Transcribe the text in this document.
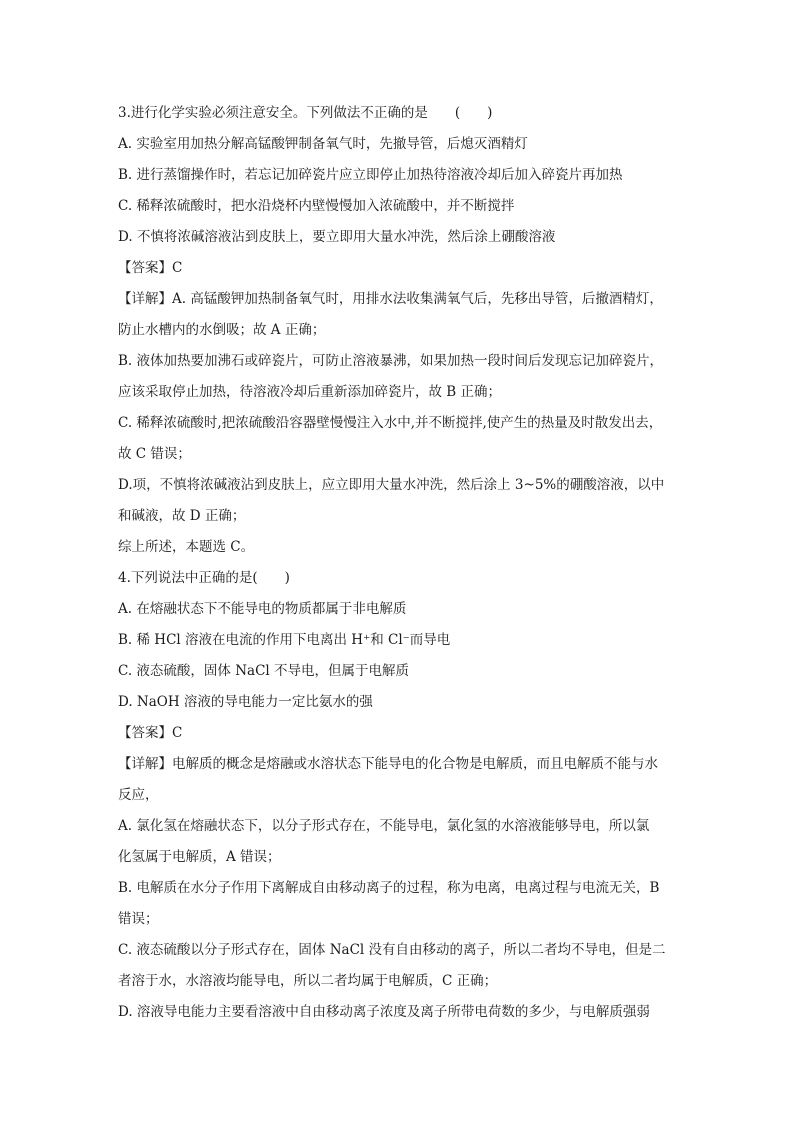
3.进行化学实验必须注意安全。下列做法不正确的是　　(　　)
A. 实验室用加热分解高锰酸钾制备氧气时，先撤导管，后熄灭酒精灯
B. 进行蒸馏操作时，若忘记加碎瓷片应立即停止加热待溶液冷却后加入碎瓷片再加热
C. 稀释浓硫酸时，把水沿烧杯内壁慢慢加入浓硫酸中，并不断搅拌
D. 不慎将浓碱溶液沾到皮肤上，要立即用大量水冲洗，然后涂上硼酸溶液
【答案】C
【详解】A. 高锰酸钾加热制备氧气时，用排水法收集满氧气后，先移出导管，后撤酒精灯，
防止水槽内的水倒吸；故 A 正确；
B. 液体加热要加沸石或碎瓷片，可防止溶液暴沸，如果加热一段时间后发现忘记加碎瓷片，
应该采取停止加热，待溶液冷却后重新添加碎瓷片，故 B 正确；
C. 稀释浓硫酸时,把浓硫酸沿容器壁慢慢注入水中,并不断搅拌,使产生的热量及时散发出去，
故 C 错误；
D.项，不慎将浓碱液沾到皮肤上，应立即用大量水冲洗，然后涂上 3~5%的硼酸溶液，以中
和碱液，故 D 正确；
综上所述，本题选 C。
4.下列说法中正确的是(　　)
A. 在熔融状态下不能导电的物质都属于非电解质
B. 稀 HCl 溶液在电流的作用下电离出 H⁺和 Cl⁻而导电
C. 液态硫酸，固体 NaCl 不导电，但属于电解质
D. NaOH 溶液的导电能力一定比氨水的强
【答案】C
【详解】电解质的概念是熔融或水溶状态下能导电的化合物是电解质，而且电解质不能与水
反应，
A. 氯化氢在熔融状态下，以分子形式存在，不能导电，氯化氢的水溶液能够导电，所以氯
化氢属于电解质，A 错误；
B. 电解质在水分子作用下离解成自由移动离子的过程，称为电离，电离过程与电流无关，B
错误；
C. 液态硫酸以分子形式存在，固体 NaCl 没有自由移动的离子，所以二者均不导电，但是二
者溶于水，水溶液均能导电，所以二者均属于电解质，C 正确；
D. 溶液导电能力主要看溶液中自由移动离子浓度及离子所带电荷数的多少，与电解质强弱
